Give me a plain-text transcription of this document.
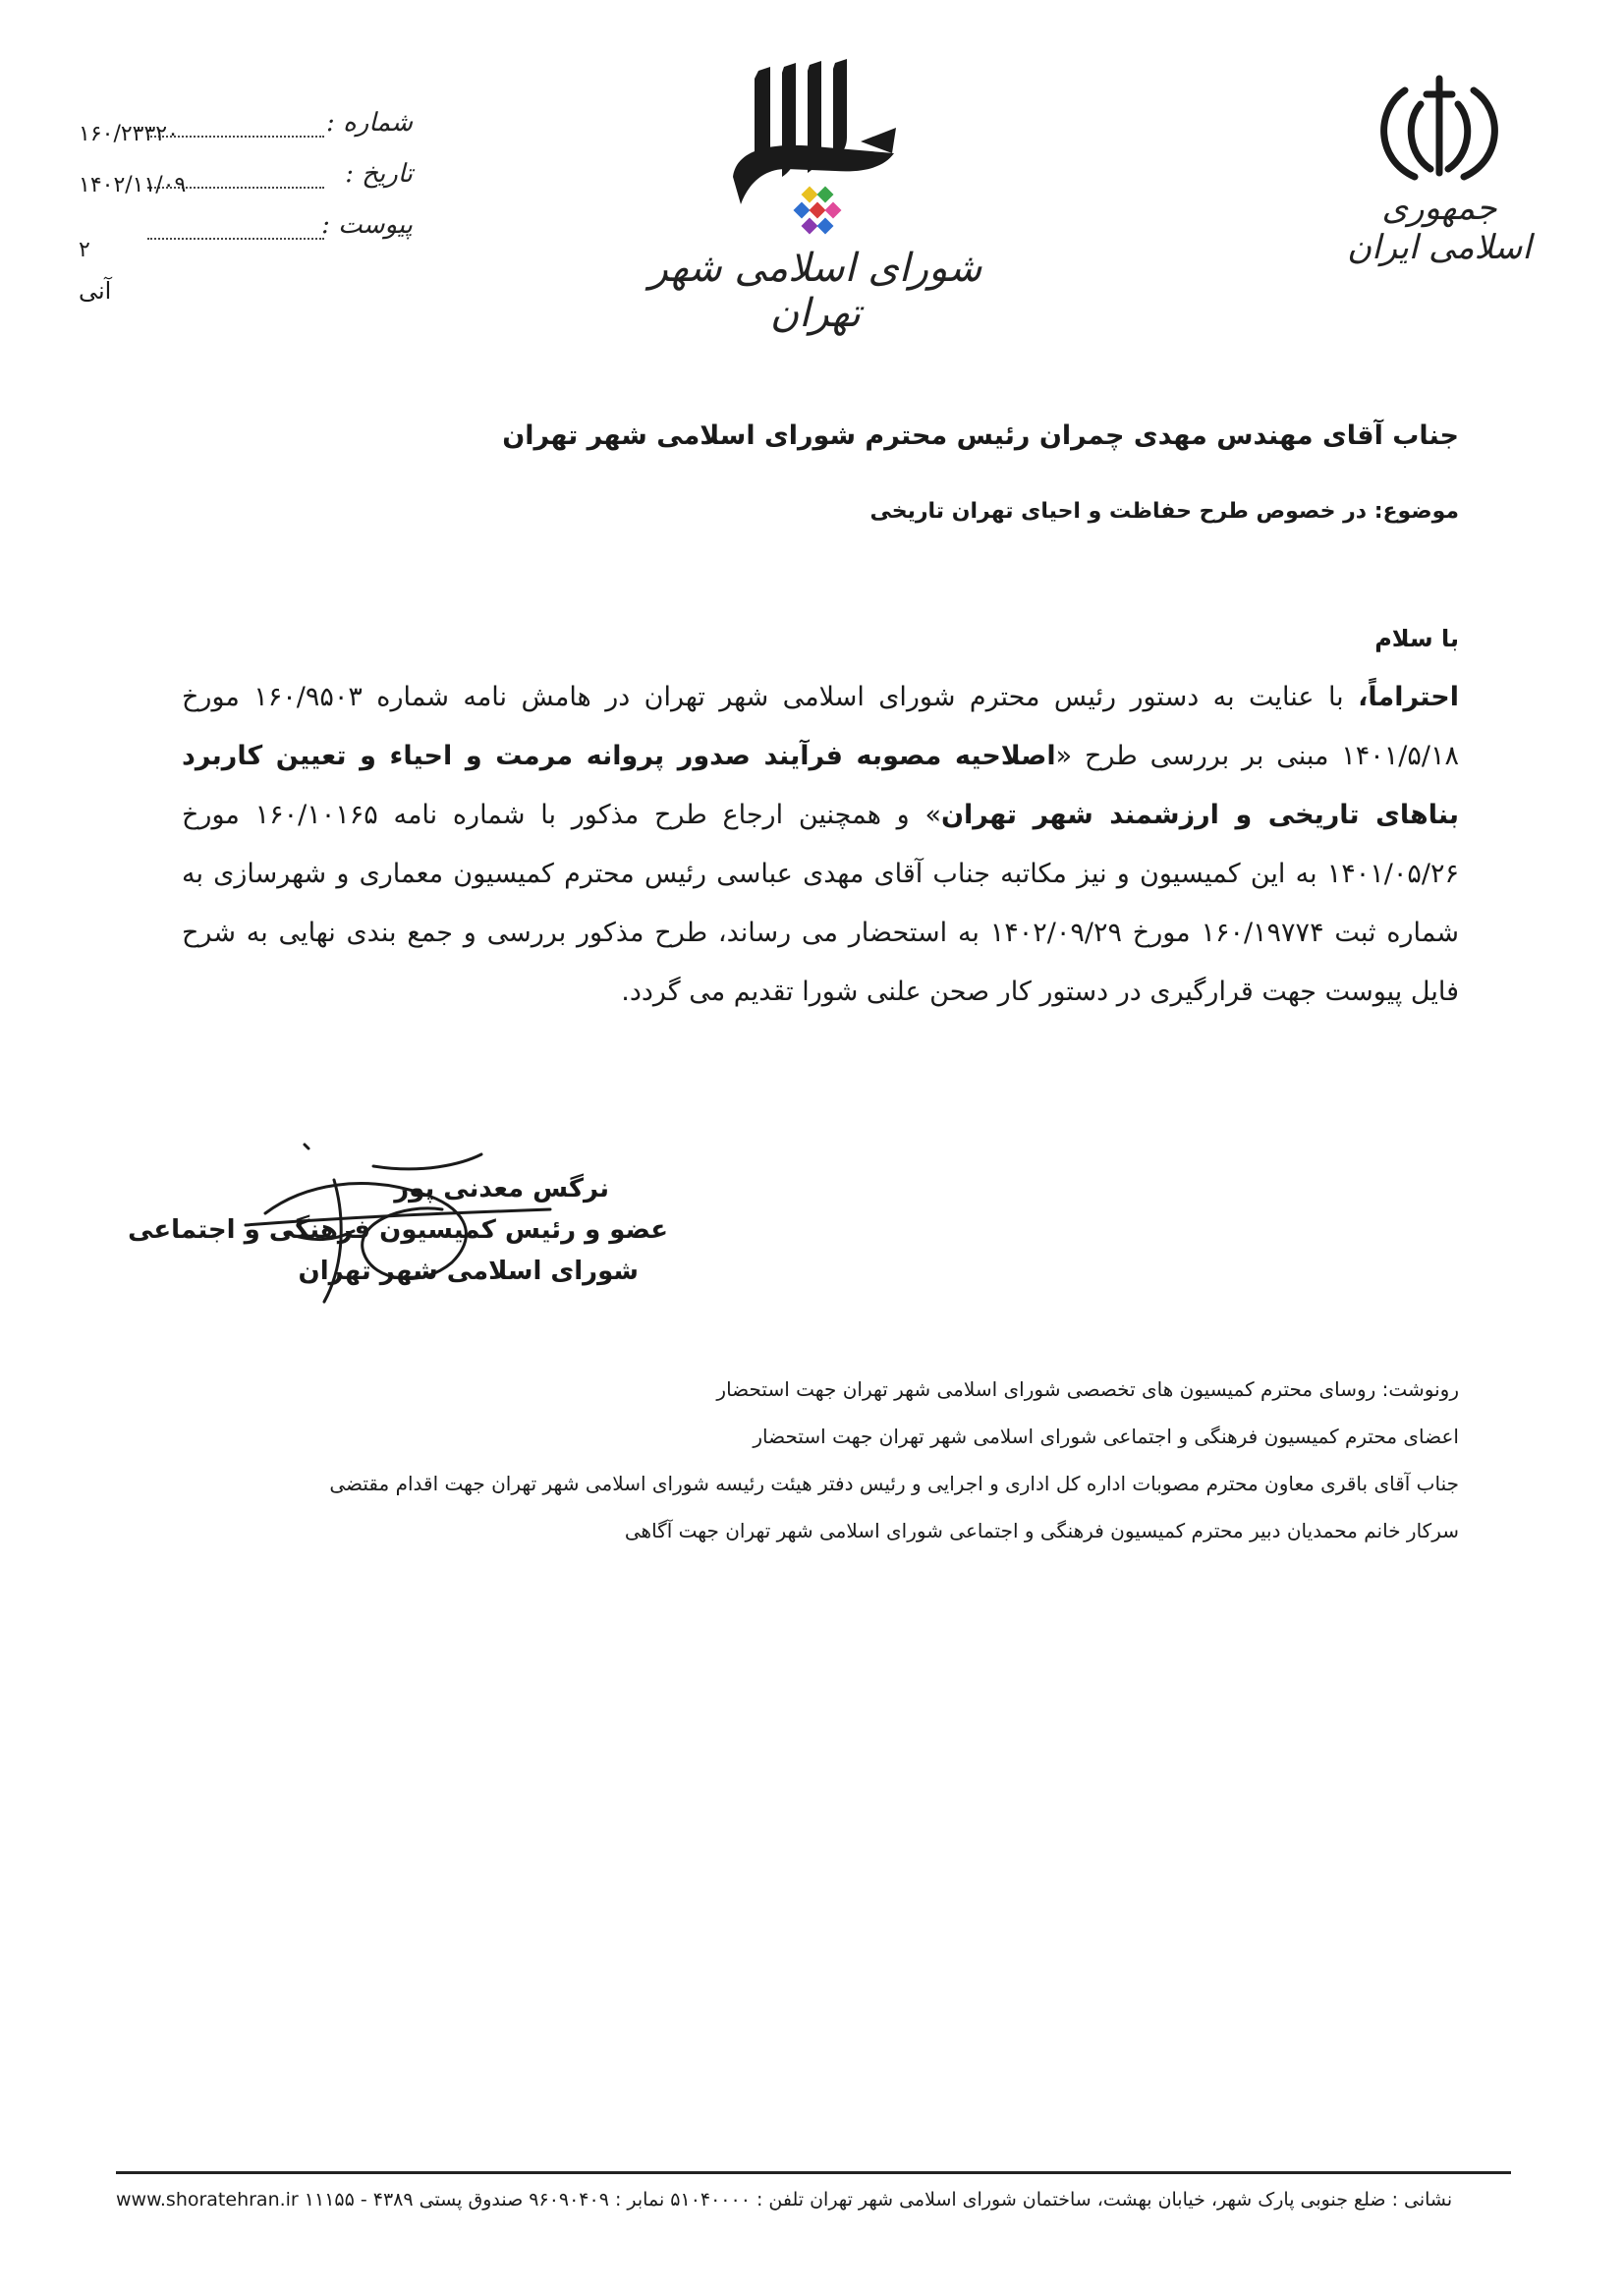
شماره :
۱۶۰/۲۳۳۲۰
تاریخ :
۱۴۰۲/۱۱/۰۹
پیوست :
۲
آنی	شورای اسلامی شهر تهران
جمهوری اسلامی ایران
جناب آقای مهندس مهدی چمران رئیس محترم شورای اسلامی شهر تهران
موضوع: در خصوص طرح حفاظت و احیای تهران تاریخی
با سلام
احتراماً، با عنایت به دستور رئیس محترم شورای اسلامی شهر تهران در هامش نامه شماره ۱۶۰/۹۵۰۳ مورخ ۱۴۰۱/۵/۱۸ مبنی بر بررسی طرح «اصلاحیه مصوبه فرآیند صدور پروانه مرمت و احیاء و تعیین کاربرد بناهای تاریخی و ارزشمند شهر تهران» و همچنین ارجاع طرح مذکور با شماره نامه ۱۶۰/۱۰۱۶۵ مورخ ۱۴۰۱/۰۵/۲۶ به این کمیسیون و نیز مکاتبه جناب آقای مهدی عباسی رئیس محترم کمیسیون معماری و شهرسازی به شماره ثبت ۱۶۰/۱۹۷۷۴ مورخ ۱۴۰۲/۰۹/۲۹ به استحضار می رساند، طرح مذکور بررسی و جمع بندی نهایی به شرح فایل پیوست جهت قرارگیری در دستور کار صحن علنی شورا تقدیم می گردد.
نرگس معدنی پور
عضو و رئیس کمیسیون فرهنگی و اجتماعی
شورای اسلامی شهر تهران
رونوشت: روسای محترم کمیسیون های تخصصی شورای اسلامی شهر تهران جهت استحضار
اعضای محترم کمیسیون فرهنگی و اجتماعی شورای اسلامی شهر تهران جهت استحضار
جناب آقای باقری معاون محترم مصوبات اداره کل اداری و اجرایی و رئیس دفتر هیئت رئیسه شورای اسلامی شهر تهران جهت اقدام مقتضی
سرکار خانم محمدیان دبیر محترم کمیسیون فرهنگی و اجتماعی شورای اسلامی شهر تهران جهت آگاهی
نشانی : ضلع جنوبی پارک شهر، خیابان بهشت، ساختمان شورای اسلامی شهر تهران تلفن : ۵۱۰۴۰۰۰۰ نمابر : ۹۶۰۹۰۴۰۹ صندوق پستی ۴۳۸۹ - ۱۱۱۵۵ www.shoratehran.ir
